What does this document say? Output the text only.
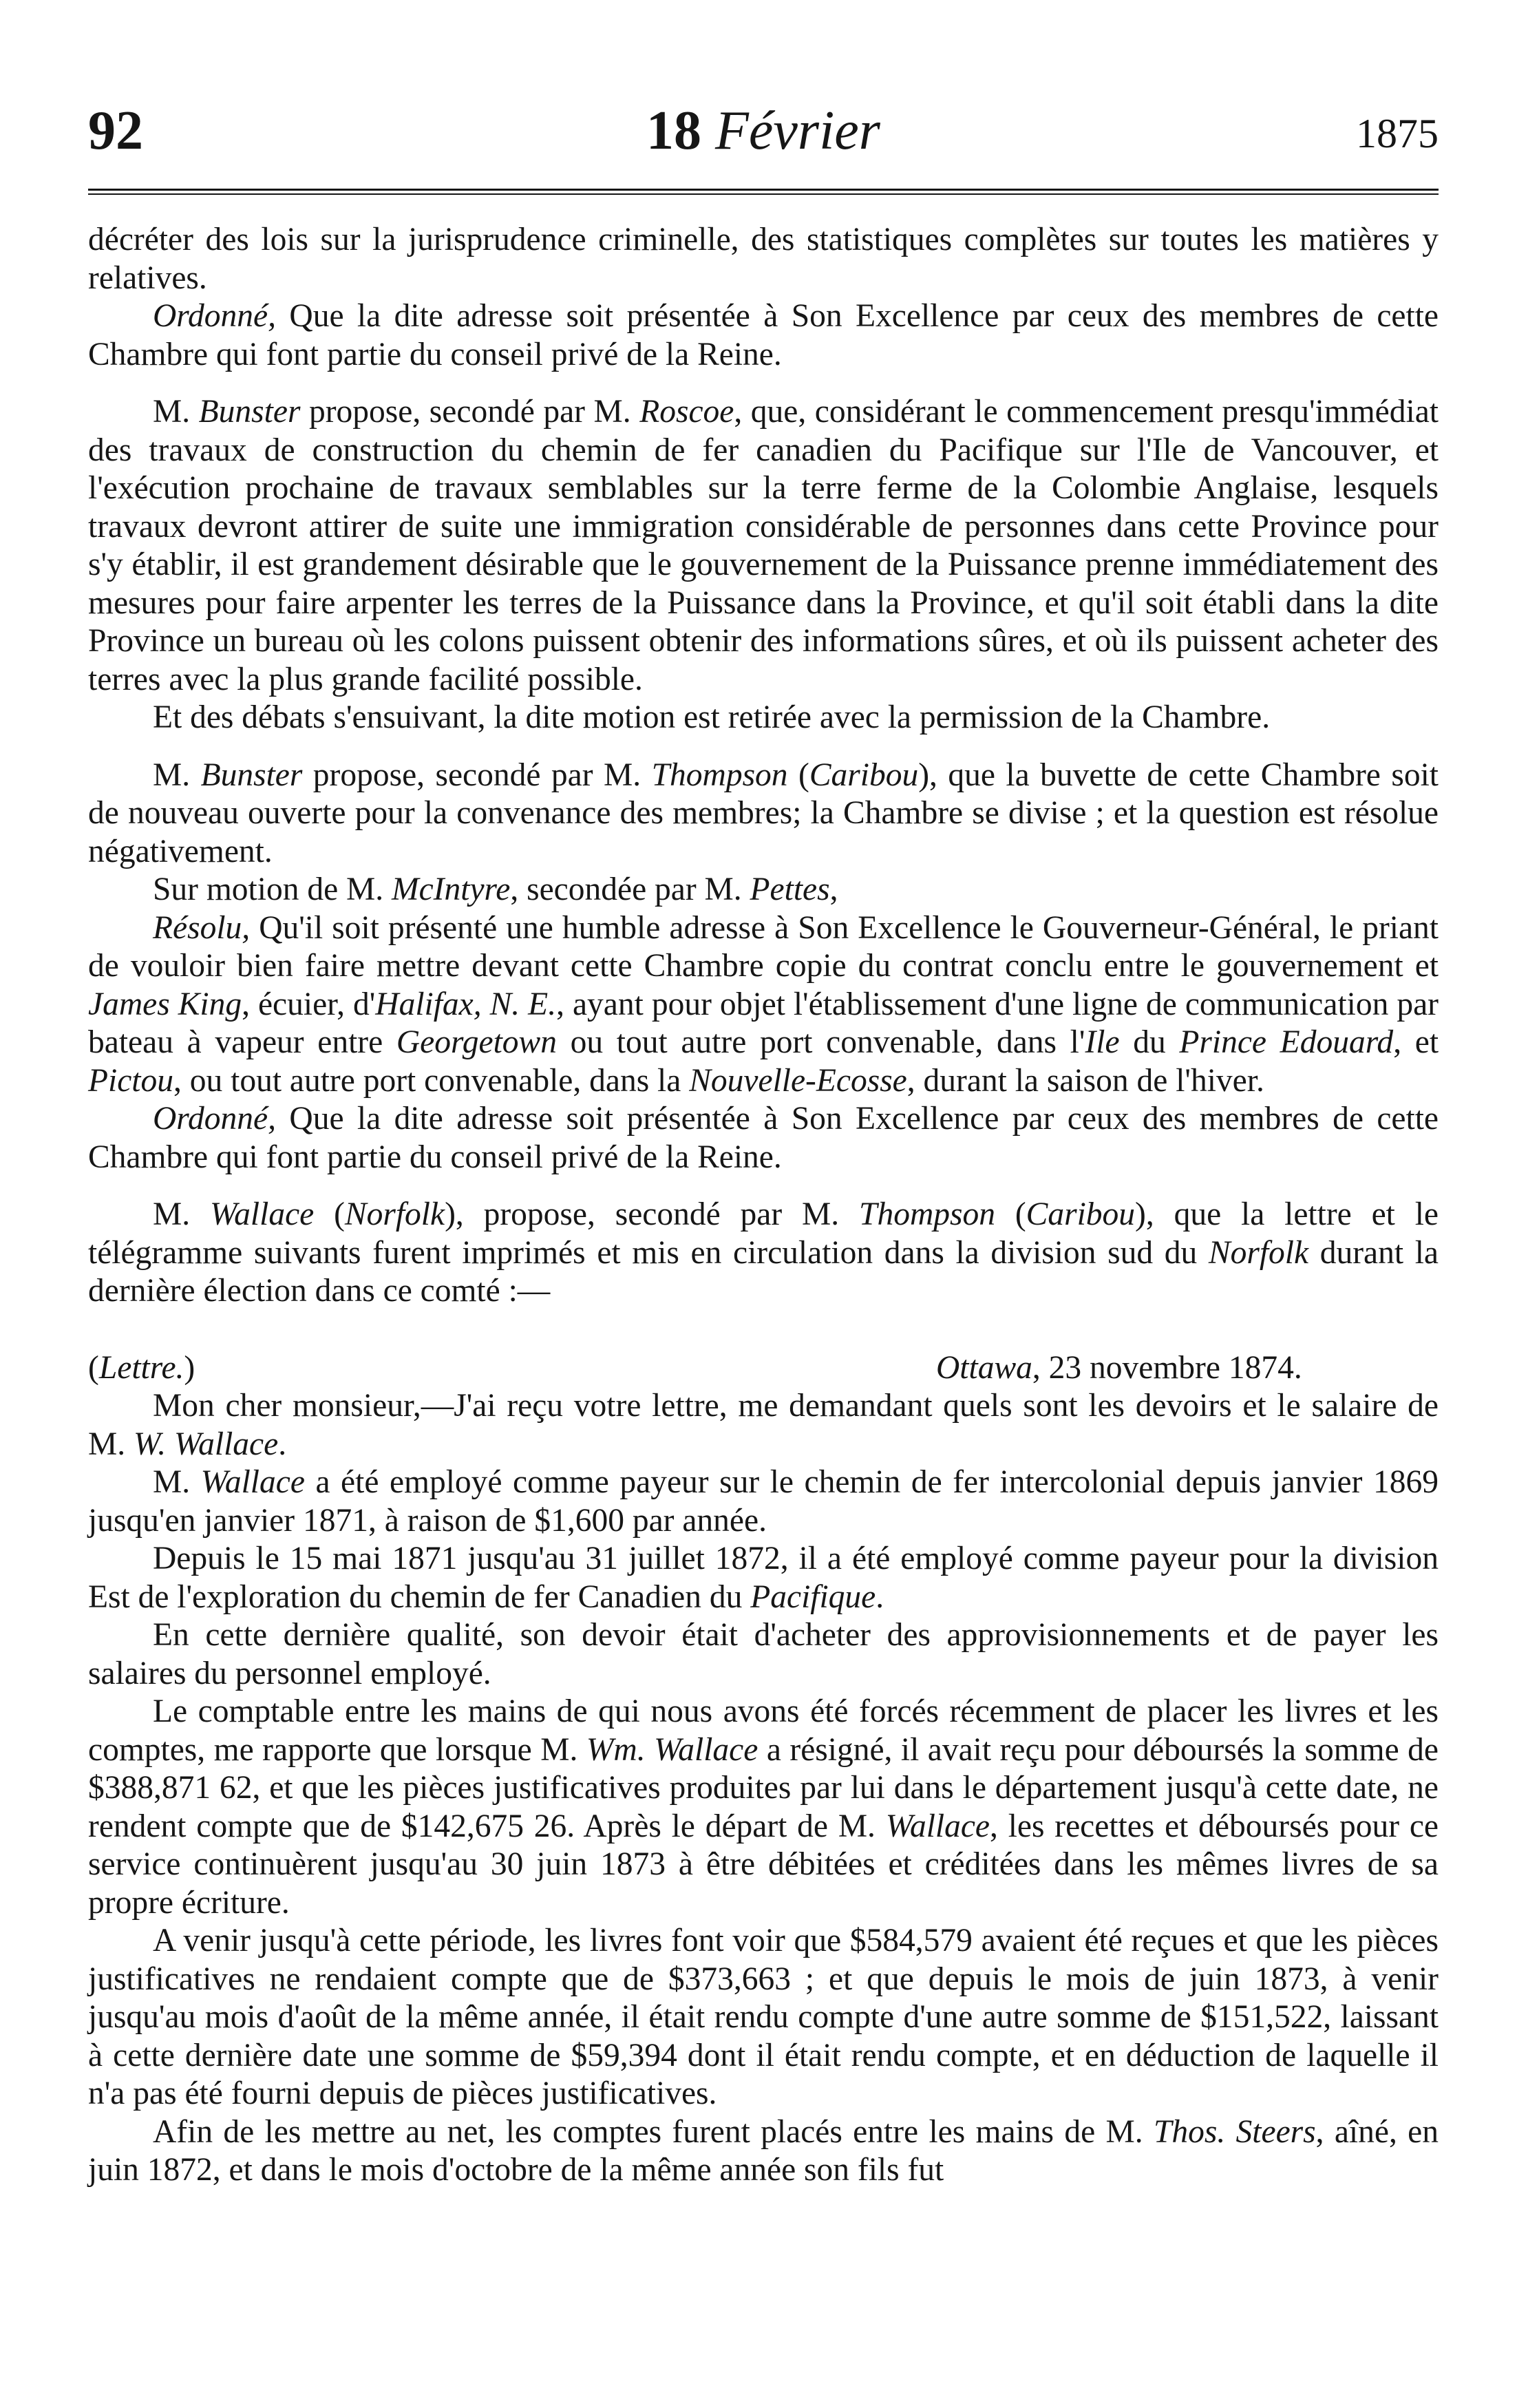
92	18 Février	1875

décréter des lois sur la jurisprudence criminelle, des statistiques complètes sur toutes les matières y relatives.

Ordonné, Que la dite adresse soit présentée à Son Excellence par ceux des membres de cette Chambre qui font partie du conseil privé de la Reine.

M. Bunster propose, secondé par M. Roscoe, que, considérant le commencement presqu'immédiat des travaux de construction du chemin de fer canadien du Pacifique sur l'Ile de Vancouver, et l'exécution prochaine de travaux semblables sur la terre ferme de la Colombie Anglaise, lesquels travaux devront attirer de suite une immigration considérable de personnes dans cette Province pour s'y établir, il est grandement désirable que le gouvernement de la Puissance prenne immédiatement des mesures pour faire arpenter les terres de la Puissance dans la Province, et qu'il soit établi dans la dite Province un bureau où les colons puissent obtenir des informations sûres, et où ils puissent acheter des terres avec la plus grande facilité possible.

Et des débats s'ensuivant, la dite motion est retirée avec la permission de la Chambre.

M. Bunster propose, secondé par M. Thompson (Caribou), que la buvette de cette Chambre soit de nouveau ouverte pour la convenance des membres; la Chambre se divise ; et la question est résolue négativement.

Sur motion de M. McIntyre, secondée par M. Pettes,

Résolu, Qu'il soit présenté une humble adresse à Son Excellence le Gouverneur-Général, le priant de vouloir bien faire mettre devant cette Chambre copie du contrat conclu entre le gouvernement et James King, écuier, d'Halifax, N. E., ayant pour objet l'établissement d'une ligne de communication par bateau à vapeur entre Georgetown ou tout autre port convenable, dans l'Ile du Prince Edouard, et Pictou, ou tout autre port convenable, dans la Nouvelle-Ecosse, durant la saison de l'hiver.

Ordonné, Que la dite adresse soit présentée à Son Excellence par ceux des membres de cette Chambre qui font partie du conseil privé de la Reine.

M. Wallace (Norfolk), propose, secondé par M. Thompson (Caribou), que la lettre et le télégramme suivants furent imprimés et mis en circulation dans la division sud du Norfolk durant la dernière élection dans ce comté :—

(Lettre.)	Ottawa, 23 novembre 1874.

Mon cher monsieur,—J'ai reçu votre lettre, me demandant quels sont les devoirs et le salaire de M. W. Wallace.

M. Wallace a été employé comme payeur sur le chemin de fer intercolonial depuis janvier 1869 jusqu'en janvier 1871, à raison de $1,600 par année.

Depuis le 15 mai 1871 jusqu'au 31 juillet 1872, il a été employé comme payeur pour la division Est de l'exploration du chemin de fer Canadien du Pacifique.

En cette dernière qualité, son devoir était d'acheter des approvisionnements et de payer les salaires du personnel employé.

Le comptable entre les mains de qui nous avons été forcés récemment de placer les livres et les comptes, me rapporte que lorsque M. Wm. Wallace a résigné, il avait reçu pour déboursés la somme de $388,871 62, et que les pièces justificatives produites par lui dans le département jusqu'à cette date, ne rendent compte que de $142,675 26. Après le départ de M. Wallace, les recettes et déboursés pour ce service continuèrent jusqu'au 30 juin 1873 à être débitées et créditées dans les mêmes livres de sa propre écriture.

A venir jusqu'à cette période, les livres font voir que $584,579 avaient été reçues et que les pièces justificatives ne rendaient compte que de $373,663 ; et que depuis le mois de juin 1873, à venir jusqu'au mois d'août de la même année, il était rendu compte d'une autre somme de $151,522, laissant à cette dernière date une somme de $59,394 dont il était rendu compte, et en déduction de laquelle il n'a pas été fourni depuis de pièces justificatives.

Afin de les mettre au net, les comptes furent placés entre les mains de M. Thos. Steers, aîné, en juin 1872, et dans le mois d'octobre de la même année son fils fut
